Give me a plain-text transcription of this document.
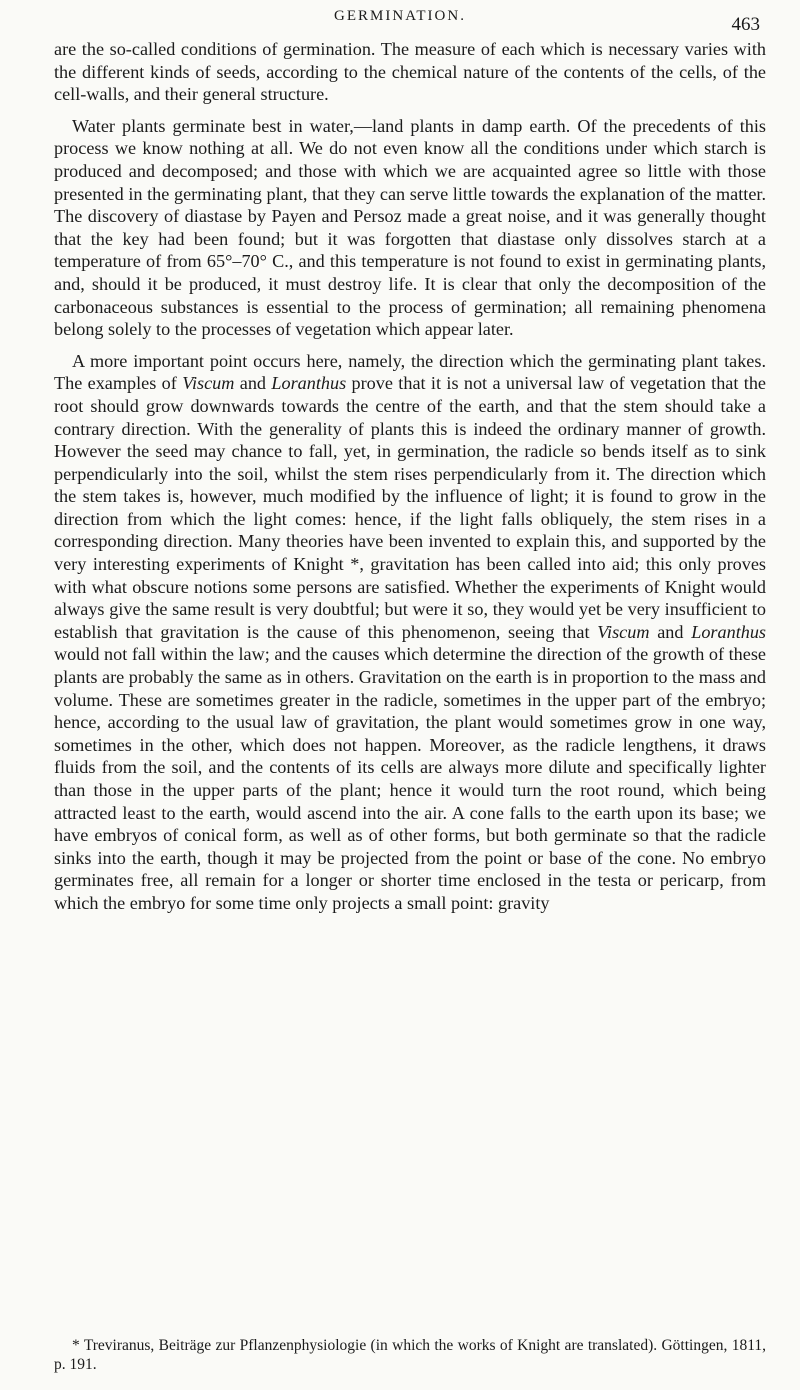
GERMINATION.	463

are the so-called conditions of germination. The measure of each which is necessary varies with the different kinds of seeds, according to the chemical nature of the contents of the cells, of the cell-walls, and their general structure.

Water plants germinate best in water,—land plants in damp earth. Of the precedents of this process we know nothing at all. We do not even know all the conditions under which starch is produced and decomposed; and those with which we are acquainted agree so little with those presented in the germinating plant, that they can serve little towards the explanation of the matter. The discovery of diastase by Payen and Persoz made a great noise, and it was generally thought that the key had been found; but it was forgotten that diastase only dissolves starch at a temperature of from 65°–70° C., and this temperature is not found to exist in germinating plants, and, should it be produced, it must destroy life. It is clear that only the decomposition of the carbonaceous substances is essential to the process of germination; all remaining phenomena belong solely to the processes of vegetation which appear later.

A more important point occurs here, namely, the direction which the germinating plant takes. The examples of Viscum and Loranthus prove that it is not a universal law of vegetation that the root should grow downwards towards the centre of the earth, and that the stem should take a contrary direction. With the generality of plants this is indeed the ordinary manner of growth. However the seed may chance to fall, yet, in germination, the radicle so bends itself as to sink perpendicularly into the soil, whilst the stem rises perpendicularly from it. The direction which the stem takes is, however, much modified by the influence of light; it is found to grow in the direction from which the light comes: hence, if the light falls obliquely, the stem rises in a corresponding direction. Many theories have been invented to explain this, and supported by the very interesting experiments of Knight *, gravitation has been called into aid; this only proves with what obscure notions some persons are satisfied. Whether the experiments of Knight would always give the same result is very doubtful; but were it so, they would yet be very insufficient to establish that gravitation is the cause of this phenomenon, seeing that Viscum and Loranthus would not fall within the law; and the causes which determine the direction of the growth of these plants are probably the same as in others. Gravitation on the earth is in proportion to the mass and volume. These are sometimes greater in the radicle, sometimes in the upper part of the embryo; hence, according to the usual law of gravitation, the plant would sometimes grow in one way, sometimes in the other, which does not happen. Moreover, as the radicle lengthens, it draws fluids from the soil, and the contents of its cells are always more dilute and specifically lighter than those in the upper parts of the plant; hence it would turn the root round, which being attracted least to the earth, would ascend into the air. A cone falls to the earth upon its base; we have embryos of conical form, as well as of other forms, but both germinate so that the radicle sinks into the earth, though it may be projected from the point or base of the cone. No embryo germinates free, all remain for a longer or shorter time enclosed in the testa or pericarp, from which the embryo for some time only projects a small point: gravity

* Treviranus, Beiträge zur Pflanzenphysiologie (in which the works of Knight are translated). Göttingen, 1811, p. 191.
